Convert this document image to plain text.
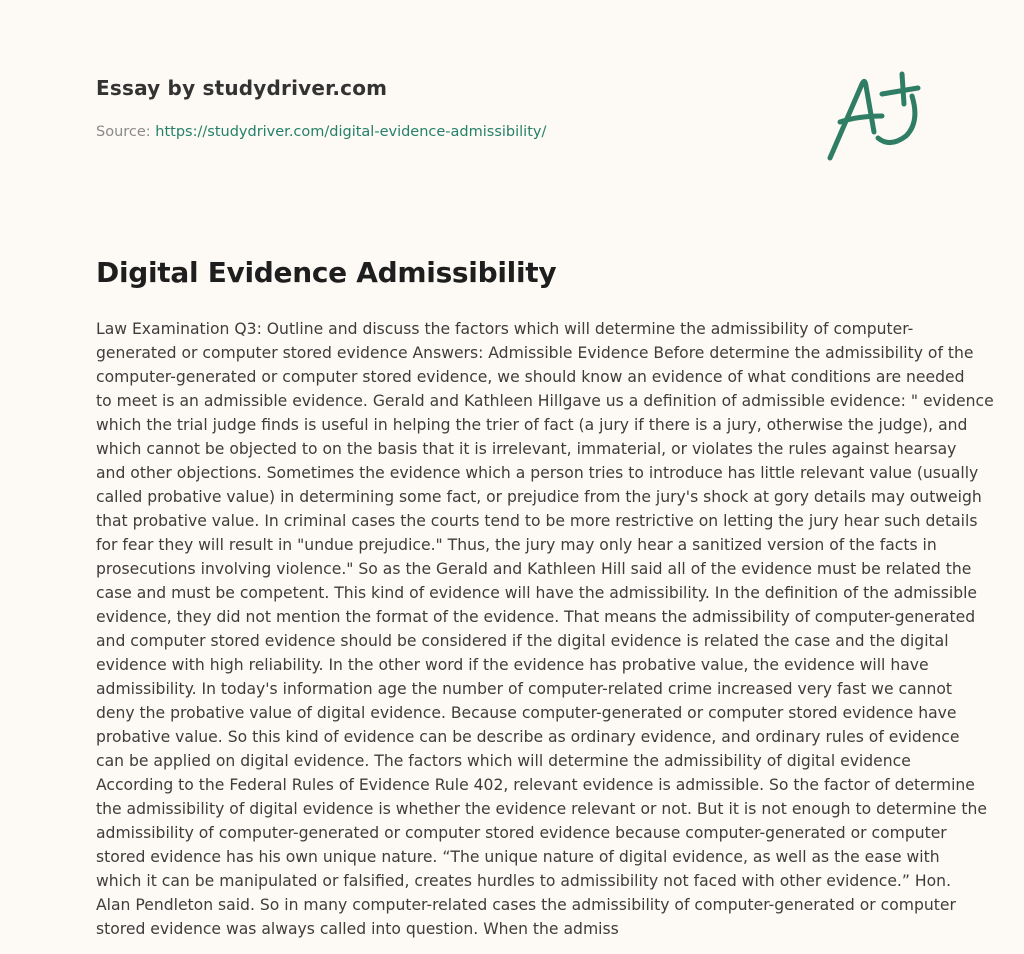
Essay by studydriver.com
Source: https://studydriver.com/digital-evidence-admissibility/
Digital Evidence Admissibility
Law Examination Q3: Outline and discuss the factors which will determine the admissibility of computer-
generated or computer stored evidence Answers: Admissible Evidence Before determine the admissibility of the
computer-generated or computer stored evidence, we should know an evidence of what conditions are needed
to meet is an admissible evidence. Gerald and Kathleen Hillgave us a definition of admissible evidence: " evidence
which the trial judge finds is useful in helping the trier of fact (a jury if there is a jury, otherwise the judge), and
which cannot be objected to on the basis that it is irrelevant, immaterial, or violates the rules against hearsay
and other objections. Sometimes the evidence which a person tries to introduce has little relevant value (usually
called probative value) in determining some fact, or prejudice from the jury's shock at gory details may outweigh
that probative value. In criminal cases the courts tend to be more restrictive on letting the jury hear such details
for fear they will result in "undue prejudice." Thus, the jury may only hear a sanitized version of the facts in
prosecutions involving violence." So as the Gerald and Kathleen Hill said all of the evidence must be related the
case and must be competent. This kind of evidence will have the admissibility. In the definition of the admissible
evidence, they did not mention the format of the evidence. That means the admissibility of computer-generated
and computer stored evidence should be considered if the digital evidence is related the case and the digital
evidence with high reliability. In the other word if the evidence has probative value, the evidence will have
admissibility. In today's information age the number of computer-related crime increased very fast we cannot
deny the probative value of digital evidence. Because computer-generated or computer stored evidence have
probative value. So this kind of evidence can be describe as ordinary evidence, and ordinary rules of evidence
can be applied on digital evidence. The factors which will determine the admissibility of digital evidence
According to the Federal Rules of Evidence Rule 402, relevant evidence is admissible. So the factor of determine
the admissibility of digital evidence is whether the evidence relevant or not. But it is not enough to determine the
admissibility of computer-generated or computer stored evidence because computer-generated or computer
stored evidence has his own unique nature. “The unique nature of digital evidence, as well as the ease with
which it can be manipulated or falsified, creates hurdles to admissibility not faced with other evidence.” Hon.
Alan Pendleton said. So in many computer-related cases the admissibility of computer-generated or computer
stored evidence was always called into question. When the admiss
